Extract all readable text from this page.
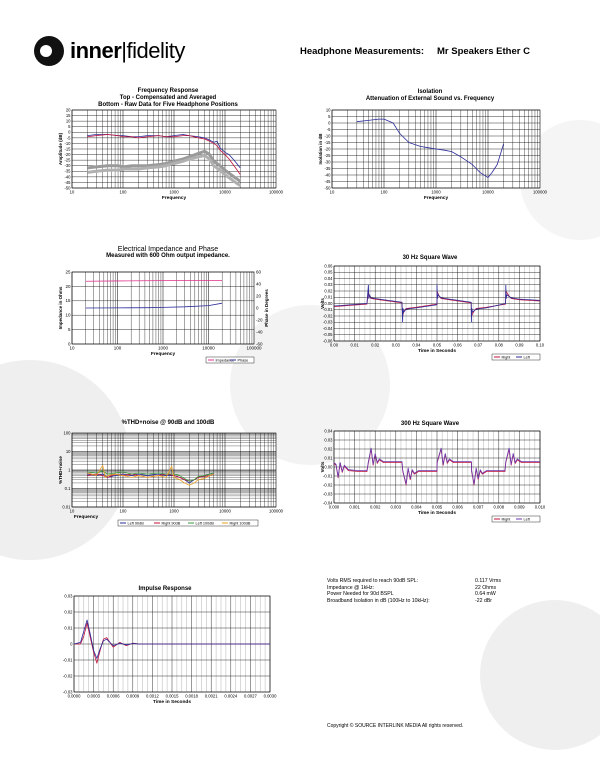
inner|fidelity	Headphone Measurements: Mr Speakers Ether C
Frequency Response
Top - Compensated and Averaged
Bottom - Raw Data for Five Headphone Positions
Isolation
Attenuation of External Sound vs. Frequency
Electrical Impedance and Phase
Measured with 600 Ohm output impedance.	30 Hz Square Wave
%THD+noise @ 90dB and 100dB	300 Hz Square Wave
Impulse Response
20
15
10
5
0
-5
-10
-15
-20
-25
-30
-35
-40
-45
-50
10	100	1000	10000	100000
Frequency
Amplitude (dB)
10
5
0
-5
-10
-15
-20
-25
-30
-35
-40
-45
-50
10	100	1000	10000	100000
Frequency
Isolation in dB
0
5
10
15
20
25
-60
-40
-20
0
20
40
60
10	100	1000	10000	100000
Frequency
Impedance in Ohms	Phase in Degrees
Impedance Phase
0.06
0.05
0.04
0.03
0.02
0.01
0.00
-0.01
-0.02
-0.03
-0.04
-0.05
-0.06
0.00	0.01	0.02	0.03	0.04	0.05	0.06	0.07	0.08	0.09	0.10
Time in Seconds
Volts
Right	Left
100
10
1
0.1
0.01
10	100	1000	10000	100000
Frequency
%THD+noise
Left 90dB	Right 90dB	Left 100dB	Right 100dB
0.04
0.03
0.02
0.01
0.00
-0.01
-0.02
-0.03
-0.04
0.000 0.001 0.002 0.003 0.004 0.005 0.006 0.007 0.008 0.009 0.010
Time in Seconds
Volts
Right	Left
0.03
0.02
0.01
0
-0.01
-0.02
-0.03
0.0000 0.0003 0.0006 0.0009 0.0012 0.0015 0.0018 0.0021 0.0024 0.0027 0.0030
Time in Seconds
Volts RMS required to reach 90dB SPL:	0.117 Vrms
Impedance @ 1kHz:	22 Ohms
Power Needed for 90d BSPL	0.64 mW
Broadband Isolation in dB (100Hz to 10kHz):	-22 dBr
Copyright © SOURCE INTERLINK MEDIA All rights reserved.
